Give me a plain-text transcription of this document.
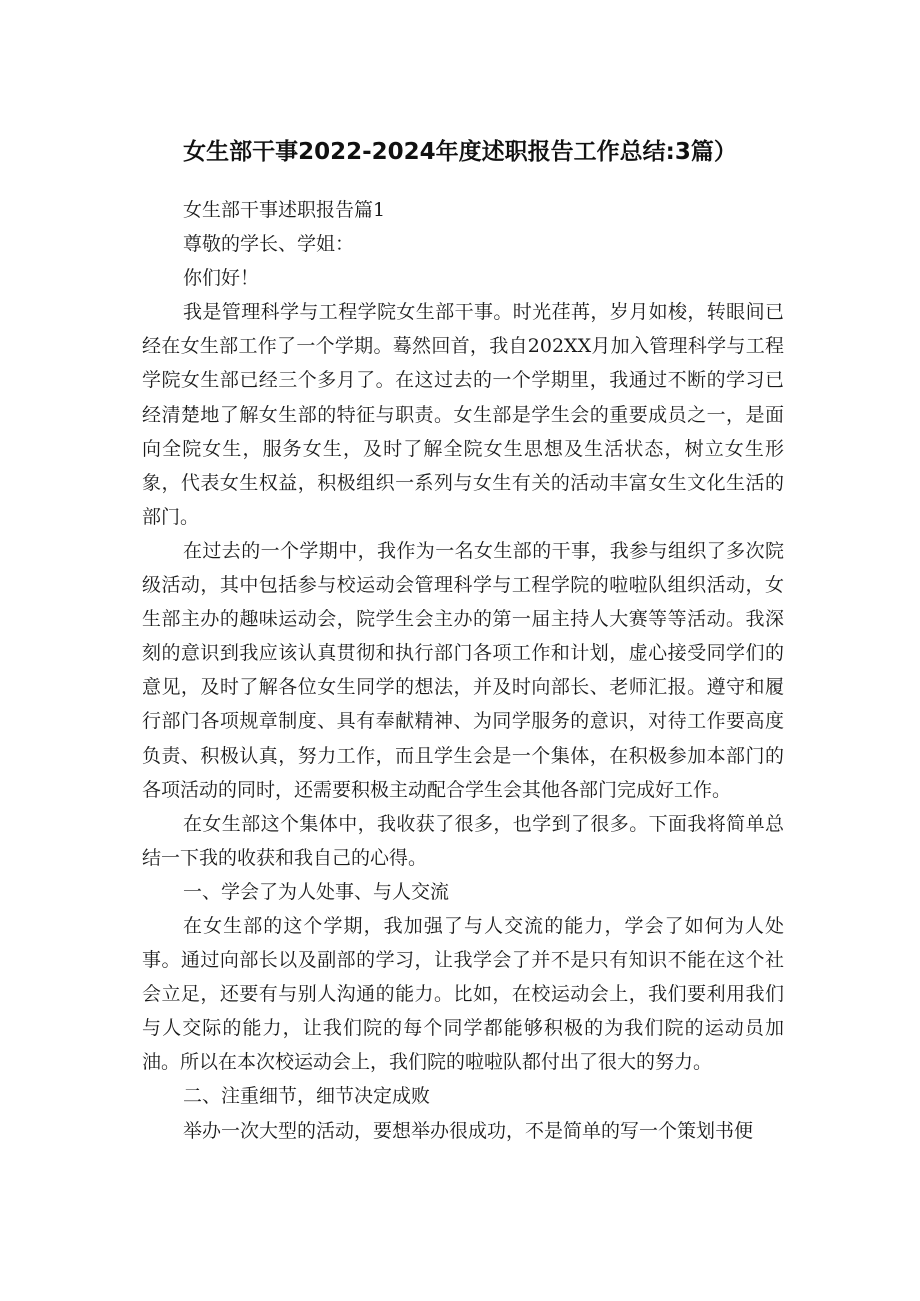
女生部干事2022-2024年度述职报告工作总结:3篇）

女生部干事述职报告篇1

尊敬的学长、学姐：

你们好！

我是管理科学与工程学院女生部干事。时光荏苒，岁月如梭，转眼间已经在女生部工作了一个学期。蓦然回首，我自202XX月加入管理科学与工程学院女生部已经三个多月了。在这过去的一个学期里，我通过不断的学习已经清楚地了解女生部的特征与职责。女生部是学生会的重要成员之一，是面向全院女生，服务女生，及时了解全院女生思想及生活状态，树立女生形象，代表女生权益，积极组织一系列与女生有关的活动丰富女生文化生活的部门。

在过去的一个学期中，我作为一名女生部的干事，我参与组织了多次院级活动，其中包括参与校运动会管理科学与工程学院的啦啦队组织活动，女生部主办的趣味运动会，院学生会主办的第一届主持人大赛等等活动。我深刻的意识到我应该认真贯彻和执行部门各项工作和计划，虚心接受同学们的意见，及时了解各位女生同学的想法，并及时向部长、老师汇报。遵守和履行部门各项规章制度、具有奉献精神、为同学服务的意识，对待工作要高度负责、积极认真，努力工作，而且学生会是一个集体，在积极参加本部门的各项活动的同时，还需要积极主动配合学生会其他各部门完成好工作。

在女生部这个集体中，我收获了很多，也学到了很多。下面我将简单总结一下我的收获和我自己的心得。

一、学会了为人处事、与人交流

在女生部的这个学期，我加强了与人交流的能力，学会了如何为人处事。通过向部长以及副部的学习，让我学会了并不是只有知识不能在这个社会立足，还要有与别人沟通的能力。比如，在校运动会上，我们要利用我们与人交际的能力，让我们院的每个同学都能够积极的为我们院的运动员加油。所以在本次校运动会上，我们院的啦啦队都付出了很大的努力。

二、注重细节，细节决定成败

举办一次大型的活动，要想举办很成功，不是简单的写一个策划书便
